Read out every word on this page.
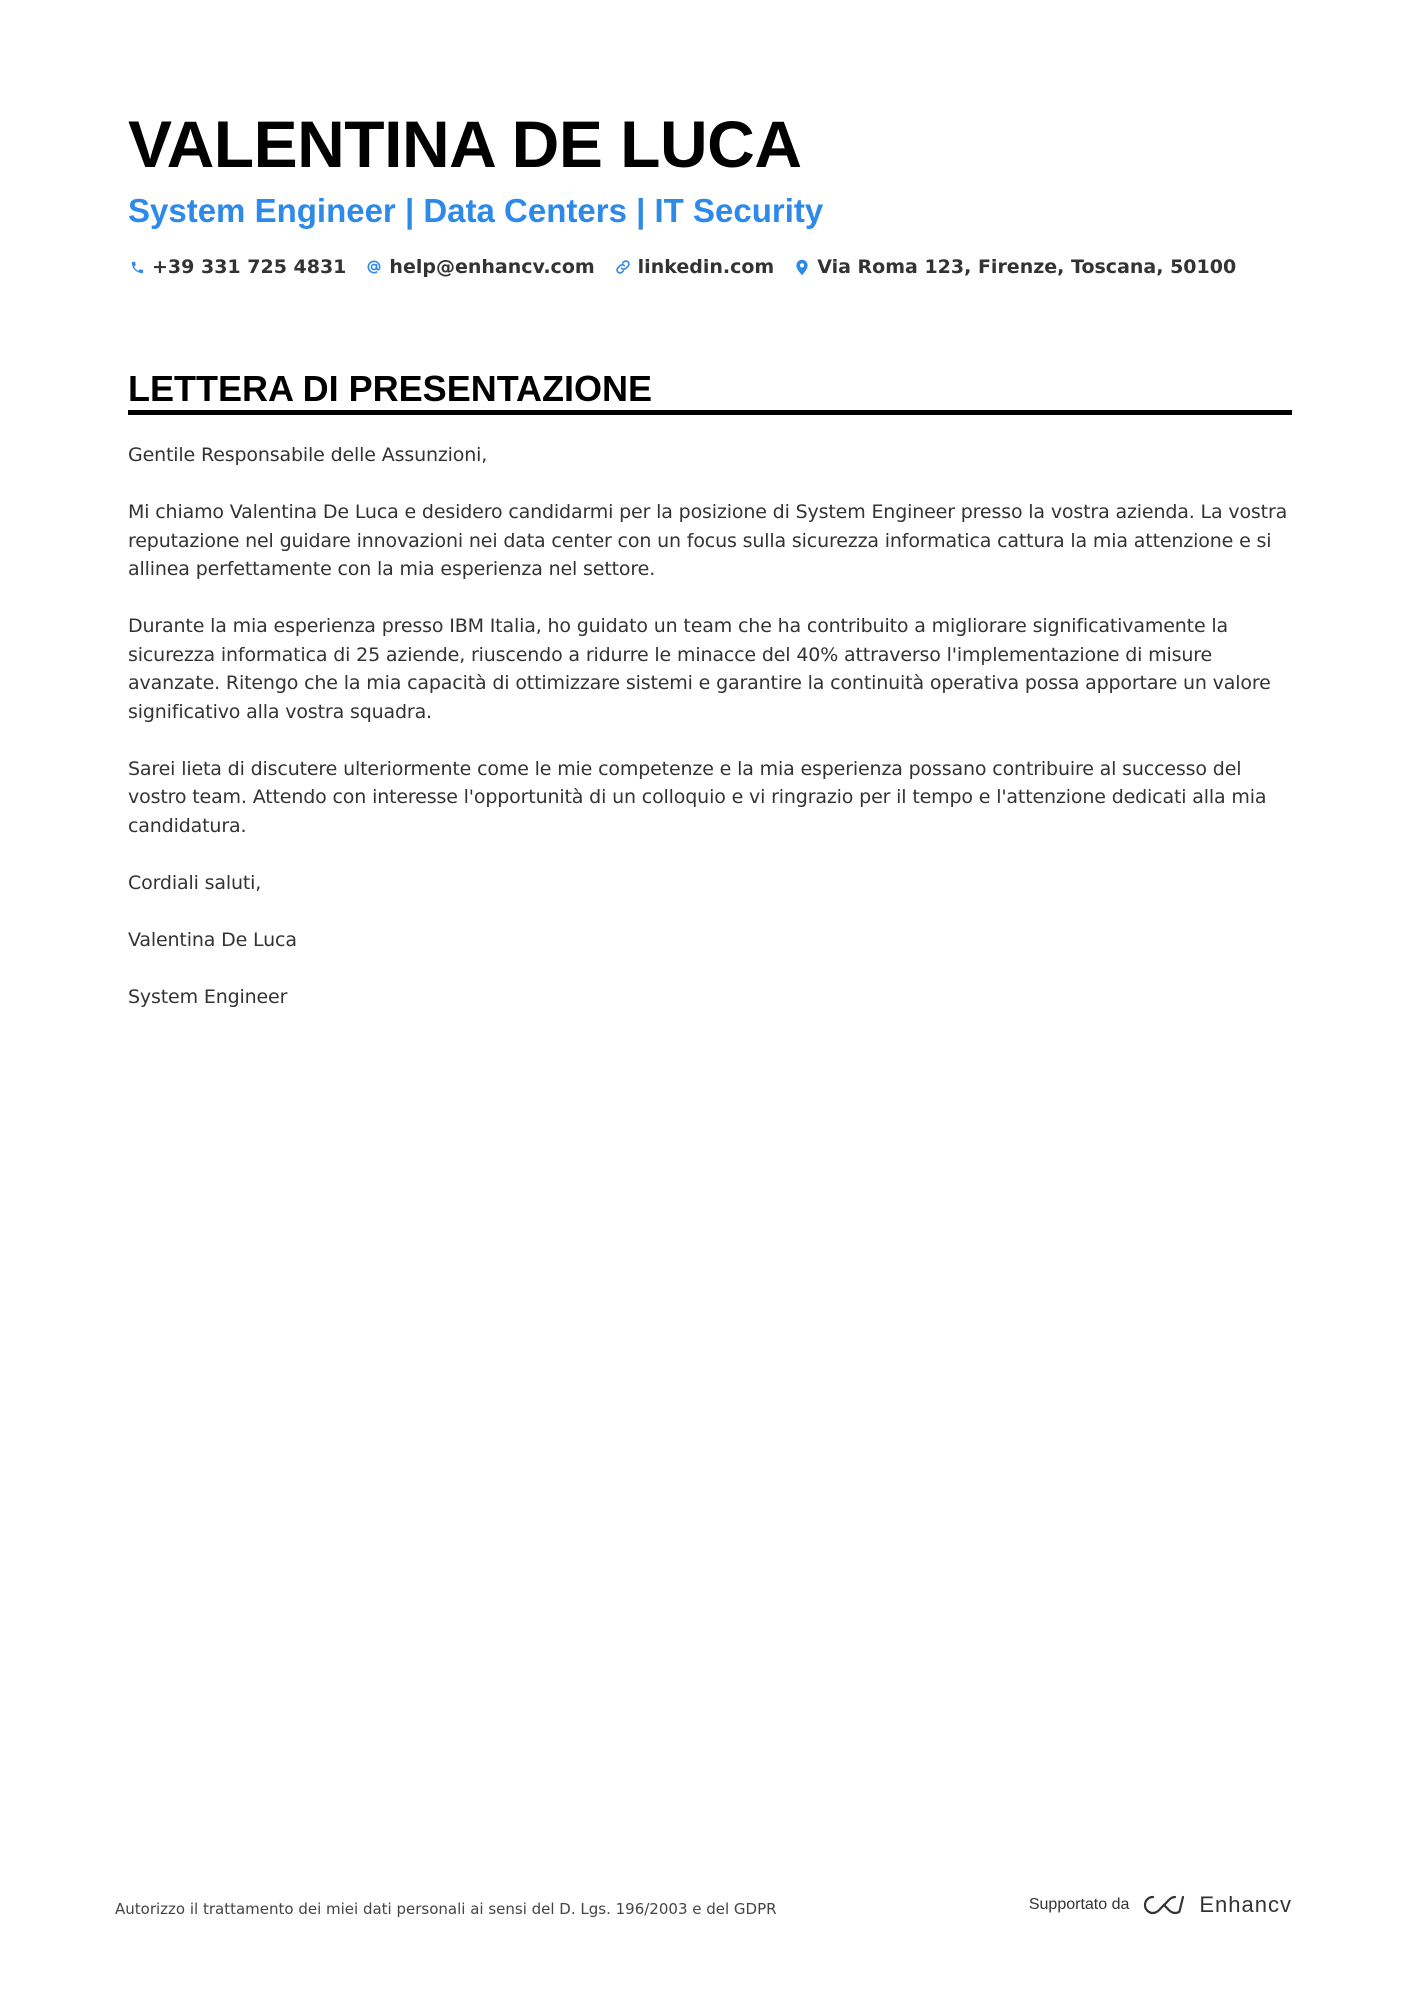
VALENTINA DE LUCA
System Engineer | Data Centers | IT Security
+39 331 725 4831 help@enhancv.com linkedin.com Via Roma 123, Firenze, Toscana, 50100
LETTERA DI PRESENTAZIONE

Gentile Responsabile delle Assunzioni,

Mi chiamo Valentina De Luca e desidero candidarmi per la posizione di System Engineer presso la vostra azienda. La vostra reputazione nel guidare innovazioni nei data center con un focus sulla sicurezza informatica cattura la mia attenzione e si allinea perfettamente con la mia esperienza nel settore.

Durante la mia esperienza presso IBM Italia, ho guidato un team che ha contribuito a migliorare significativamente la sicurezza informatica di 25 aziende, riuscendo a ridurre le minacce del 40% attraverso l'implementazione di misure avanzate. Ritengo che la mia capacità di ottimizzare sistemi e garantire la continuità operativa possa apportare un valore significativo alla vostra squadra.

Sarei lieta di discutere ulteriormente come le mie competenze e la mia esperienza possano contribuire al successo del vostro team. Attendo con interesse l'opportunità di un colloquio e vi ringrazio per il tempo e l'attenzione dedicati alla mia candidatura.

Cordiali saluti,

Valentina De Luca

System Engineer

Autorizzo il trattamento dei miei dati personali ai sensi del D. Lgs. 196/2003 e del GDPR	Supportato da	Enhancv
